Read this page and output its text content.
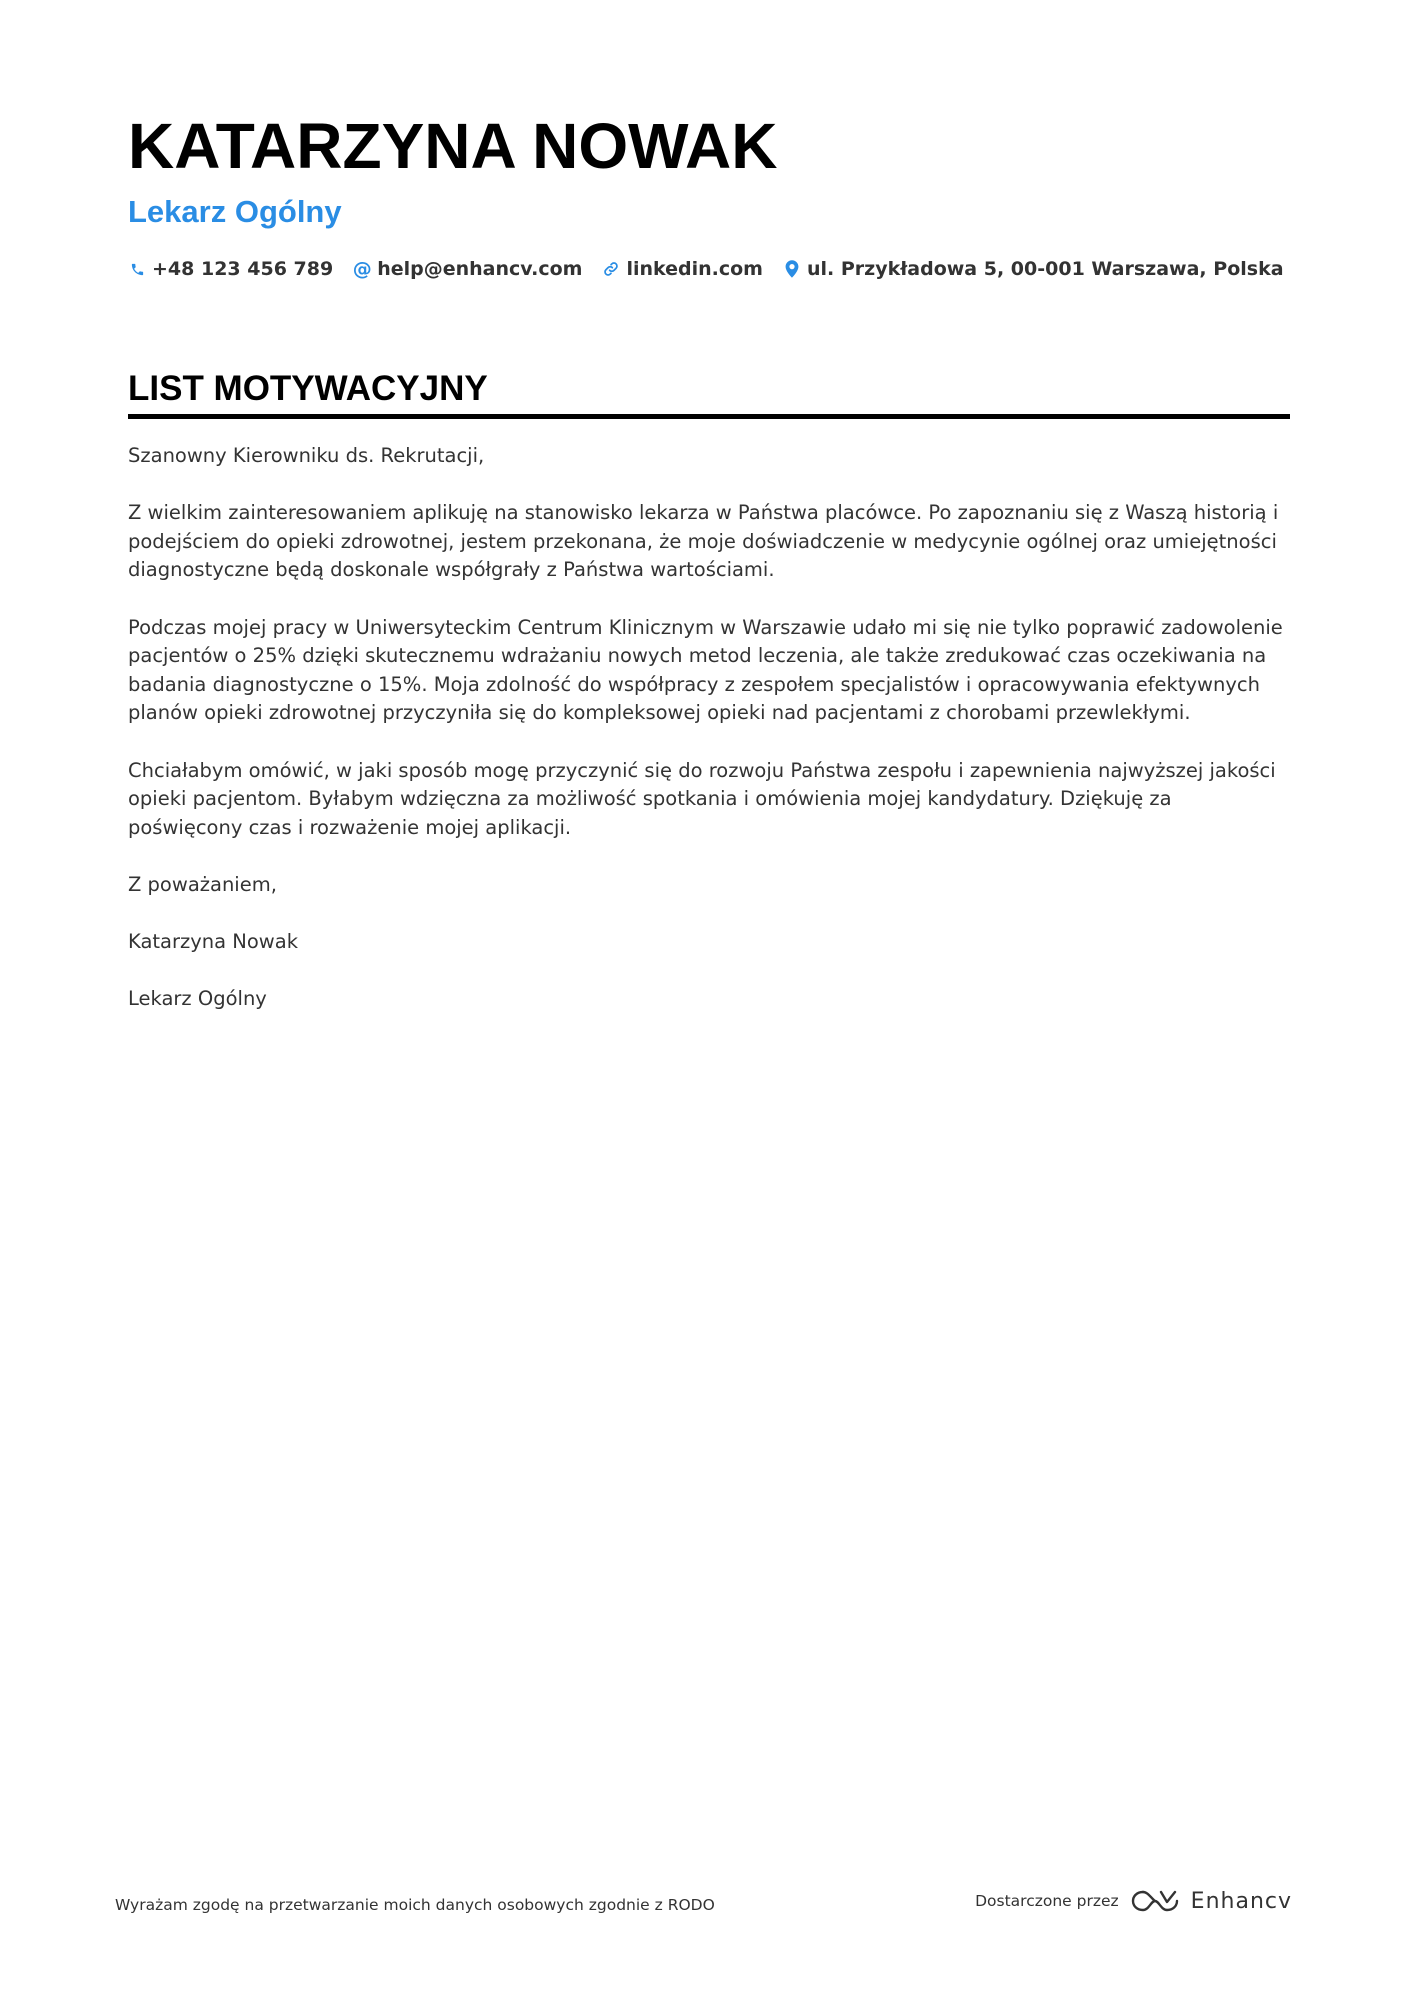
KATARZYNA NOWAK
Lekarz Ogólny
+48 123 456 789 @ help@enhancv.com linkedin.com ul. Przykładowa 5, 00-001 Warszawa, Polska
LIST MOTYWACYJNY

Szanowny Kierowniku ds. Rekrutacji,

Z wielkim zainteresowaniem aplikuję na stanowisko lekarza w Państwa placówce. Po zapoznaniu się z Waszą historią i podejściem do opieki zdrowotnej, jestem przekonana, że moje doświadczenie w medycynie ogólnej oraz umiejętności diagnostyczne będą doskonale współgrały z Państwa wartościami.

Podczas mojej pracy w Uniwersyteckim Centrum Klinicznym w Warszawie udało mi się nie tylko poprawić zadowolenie pacjentów o 25% dzięki skutecznemu wdrażaniu nowych metod leczenia, ale także zredukować czas oczekiwania na badania diagnostyczne o 15%. Moja zdolność do współpracy z zespołem specjalistów i opracowywania efektywnych planów opieki zdrowotnej przyczyniła się do kompleksowej opieki nad pacjentami z chorobami przewlekłymi.

Chciałabym omówić, w jaki sposób mogę przyczynić się do rozwoju Państwa zespołu i zapewnienia najwyższej jakości opieki pacjentom. Byłabym wdzięczna za możliwość spotkania i omówienia mojej kandydatury. Dziękuję za poświęcony czas i rozważenie mojej aplikacji.

Z poważaniem,

Katarzyna Nowak

Lekarz Ogólny

Wyrażam zgodę na przetwarzanie moich danych osobowych zgodnie z RODO	Dostarczone przez	Enhancv
